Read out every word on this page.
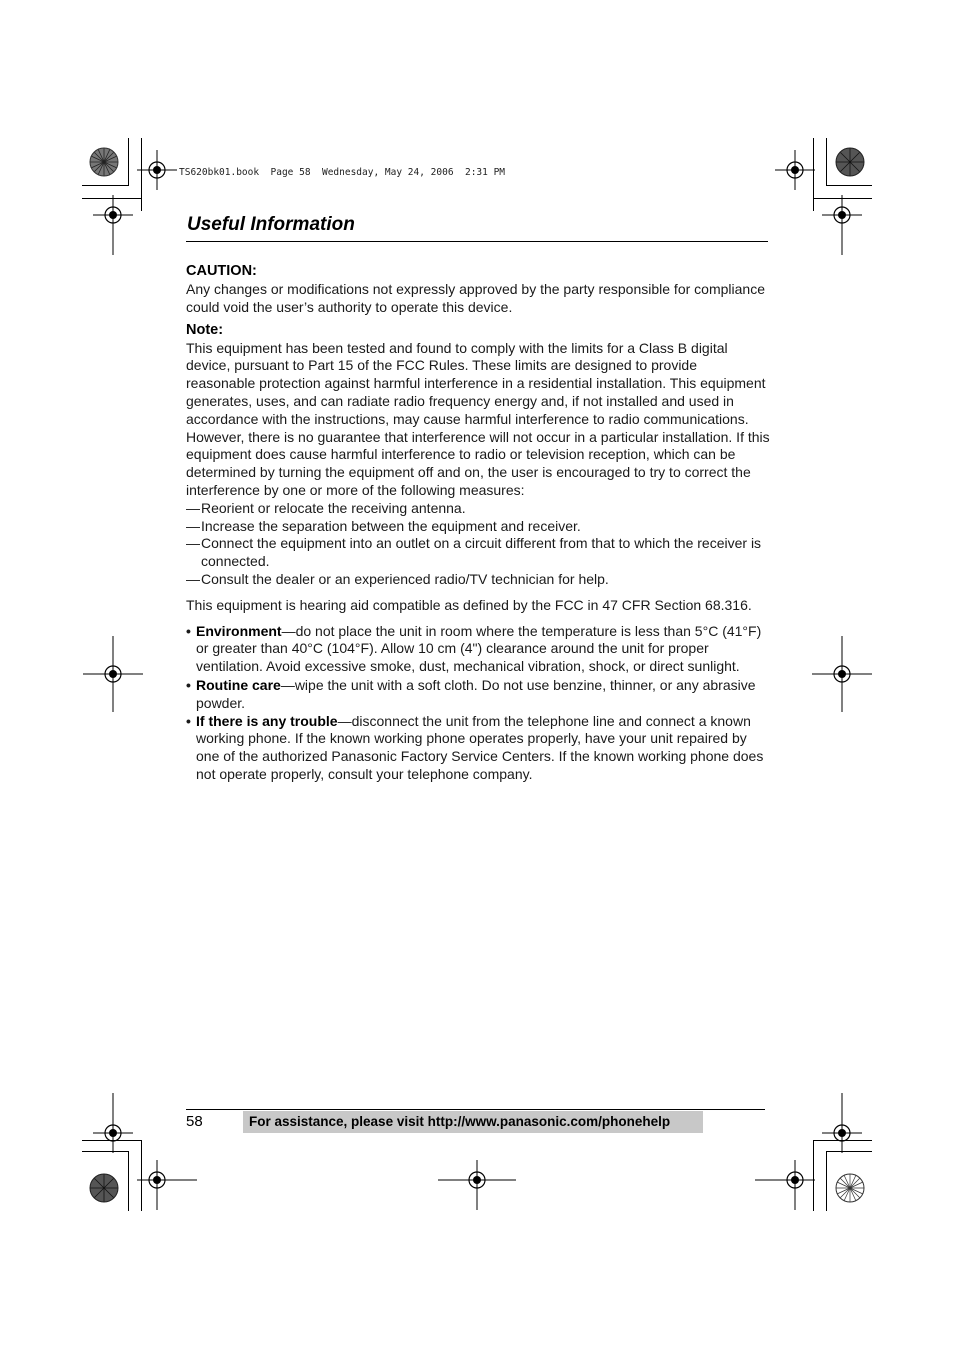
TS620bk01.book  Page 58  Wednesday, May 24, 2006  2:31 PM
Useful Information

CAUTION:

Any changes or modifications not expressly approved by the party responsible for compliance could void the user’s authority to operate this device.

Note:

This equipment has been tested and found to comply with the limits for a Class B digital device, pursuant to Part 15 of the FCC Rules. These limits are designed to provide reasonable protection against harmful interference in a residential installation. This equipment generates, uses, and can radiate radio frequency energy and, if not installed and used in accordance with the instructions, may cause harmful interference to radio communications. However, there is no guarantee that interference will not occur in a particular installation. If this equipment does cause harmful interference to radio or television reception, which can be determined by turning the equipment off and on, the user is encouraged to try to correct the interference by one or more of the following measures:

— Reorient or relocate the receiving antenna.
— Increase the separation between the equipment and receiver.
— Connect the equipment into an outlet on a circuit different from that to which the receiver is connected.
— Consult the dealer or an experienced radio/TV technician for help.

This equipment is hearing aid compatible as defined by the FCC in 47 CFR Section 68.316.

• Environment—do not place the unit in room where the temperature is less than 5°C (41°F) or greater than 40°C (104°F). Allow 10 cm (4") clearance around the unit for proper ventilation. Avoid excessive smoke, dust, mechanical vibration, shock, or direct sunlight.
• Routine care—wipe the unit with a soft cloth. Do not use benzine, thinner, or any abrasive powder.
• If there is any trouble—disconnect the unit from the telephone line and connect a known working phone. If the known working phone operates properly, have your unit repaired by one of the authorized Panasonic Factory Service Centers. If the known working phone does not operate properly, consult your telephone company.
58	For assistance, please visit http://www.panasonic.com/phonehelp
